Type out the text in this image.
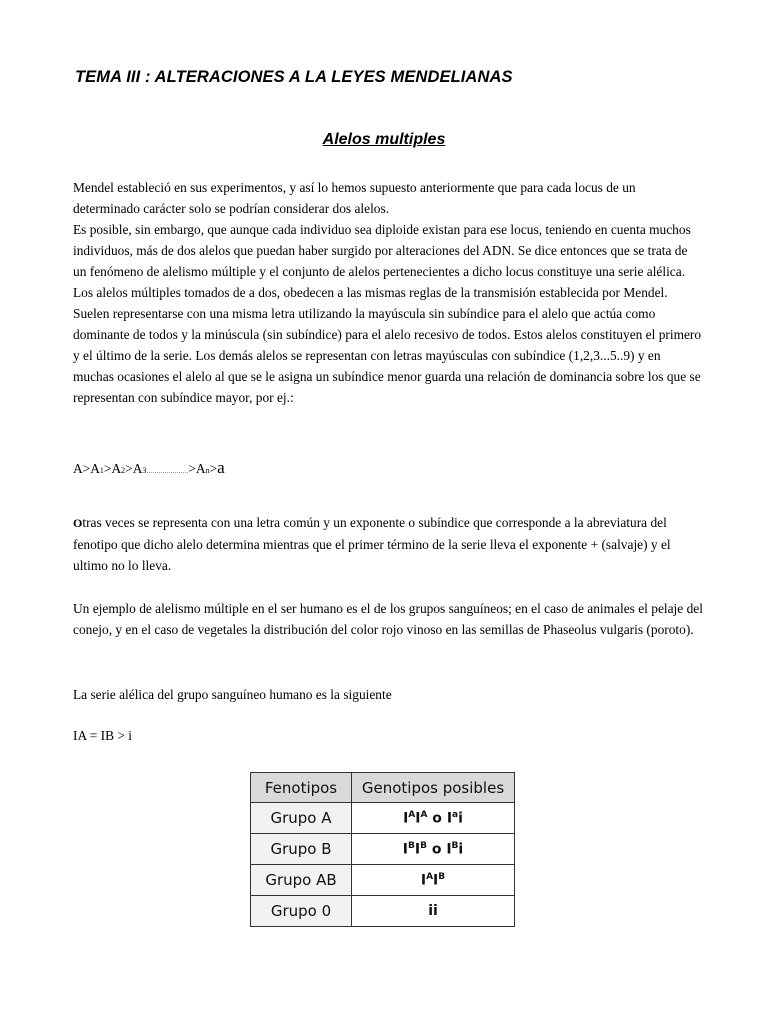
TEMA III : ALTERACIONES A LA LEYES MENDELIANAS
Alelos multiples

Mendel estableció en sus experimentos, y así lo hemos supuesto anteriormente que para cada locus de un determinado carácter solo se podrían considerar dos alelos.
Es posible, sin embargo, que aunque cada individuo sea diploide existan para ese locus, teniendo en cuenta muchos individuos, más de dos alelos que puedan haber surgido por alteraciones del ADN. Se dice entonces que se trata de un fenómeno de alelismo múltiple y el conjunto de alelos pertenecientes a dicho locus constituye una serie alélica.
Los alelos múltiples tomados de a dos, obedecen a las mismas reglas de la transmisión establecida por Mendel. Suelen representarse con una misma letra utilizando la mayúscula sin subíndice para el alelo que actúa como dominante de todos y la minúscula (sin subíndice) para el alelo recesivo de todos. Estos alelos constituyen el primero y el último de la serie. Los demás alelos se representan con letras mayúsculas con subíndice (1,2,3...5..9) y en muchas ocasiones el alelo al que se le asigna un subíndice menor guarda una relación de dominancia sobre los que se representan con subíndice mayor, por ej.:

A>A1>A2>A3…………………>An>a

Otras veces se representa con una letra común y un exponente o subíndice que corresponde a la abreviatura del fenotipo que dicho alelo determina mientras que el primer término de la serie lleva el exponente + (salvaje) y el ultimo no lo lleva.

Un ejemplo de alelismo múltiple en el ser humano es el de los grupos sanguíneos; en el caso de animales el pelaje del conejo, y en el caso de vegetales la distribución del color rojo vinoso en las semillas de Phaseolus vulgaris (poroto).

La serie alélica del grupo sanguíneo humano es la siguiente

IA = IB > i

Fenotipos	Genotipos posibles
Grupo A	$I^AI^A$ o $I^ai$
Grupo B	$I^BI^B$ o $I^Bi$
Grupo AB	$I^AI^B$
Grupo 0	ii
